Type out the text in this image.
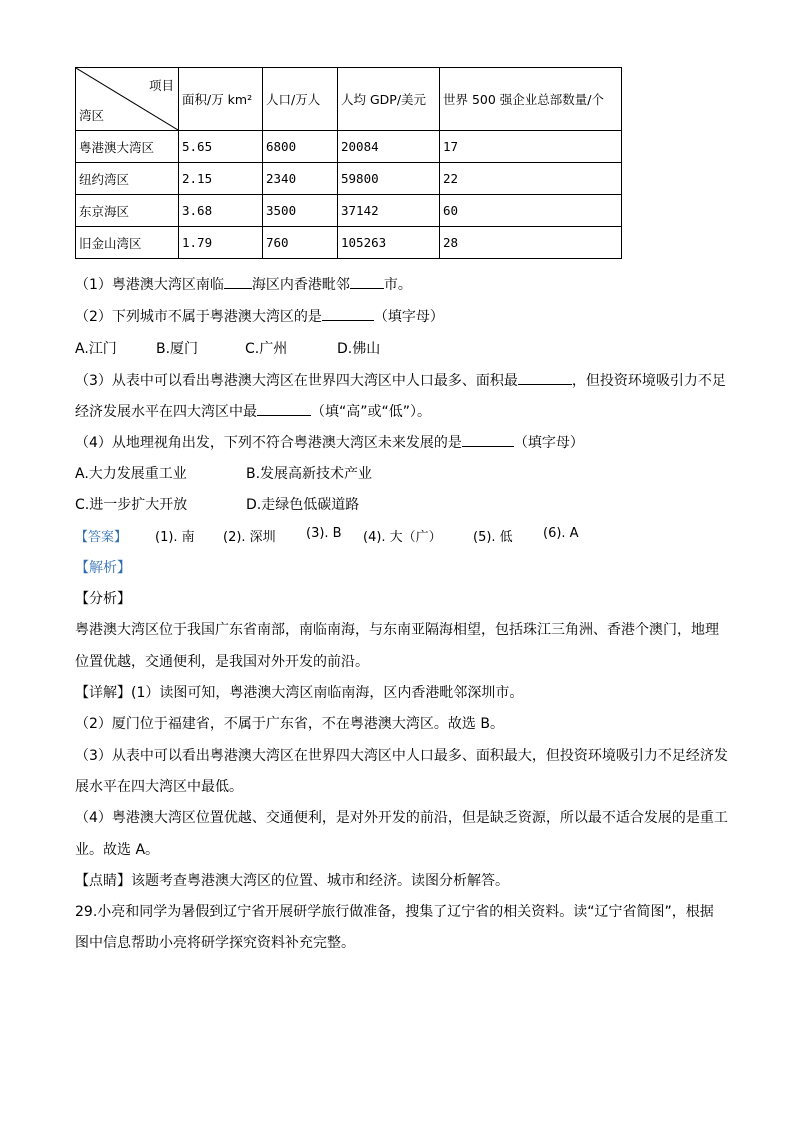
项目
湾区	面积/万 km²	人口/万人	人均 GDP/美元	世界 500 强企业总部数量/个
粤港澳大湾区	5.65	6800	20084	17
纽约湾区	2.15	2340	59800	22
东京海区	3.68	3500	37142	60
旧金山湾区	1.79	760	105263	28
（1）粤港澳大湾区南临 海区内香港毗邻 市。
（2）下列城市不属于粤港澳大湾区的是	（填字母）
A.江门	B.厦门	C.广州	D.佛山
（3）从表中可以看出粤港澳大湾区在世界四大湾区中人口最多、面积最	，但投资环境吸引力不足
经济发展水平在四大湾区中最	（填“高”或“低”）。
（4）从地理视角出发，下列不符合粤港澳大湾区未来发展的是	（填字母）
A.大力发展重工业	B.发展高新技术产业
C.进一步扩大开放	D.走绿色低碳道路
【答案】 (1). 南 (2). 深圳 (3). B (4). 大（广） (5). 低 (6). A
【解析】
【分析】
粤港澳大湾区位于我国广东省南部，南临南海，与东南亚隔海相望，包括珠江三角洲、香港个澳门，地理
位置优越，交通便利，是我国对外开发的前沿。
【详解】(1）读图可知，粤港澳大湾区南临南海，区内香港毗邻深圳市。
（2）厦门位于福建省，不属于广东省，不在粤港澳大湾区。故选 B。
（3）从表中可以看出粤港澳大湾区在世界四大湾区中人口最多、面积最大，但投资环境吸引力不足经济发
展水平在四大湾区中最低。
（4）粤港澳大湾区位置优越、交通便利，是对外开发的前沿，但是缺乏资源，所以最不适合发展的是重工
业。故选 A。
【点睛】该题考查粤港澳大湾区的位置、城市和经济。读图分析解答。
29.小亮和同学为暑假到辽宁省开展研学旅行做准备，搜集了辽宁省的相关资料。读“辽宁省简图”，根据
图中信息帮助小亮将研学探究资料补充完整。
